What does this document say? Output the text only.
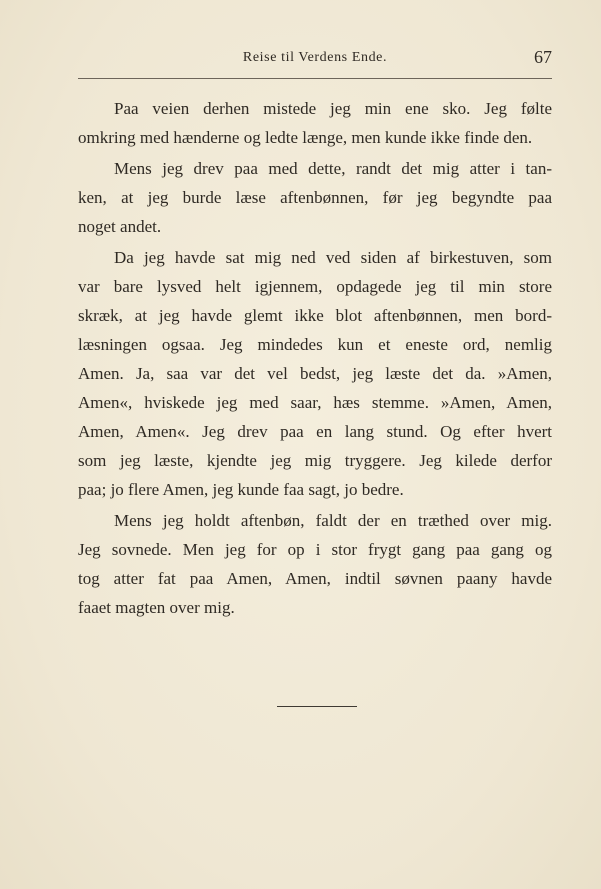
Reise til Verdens Ende.	67
Paa veien derhen mistede jeg min ene sko. Jeg følte
omkring med hænderne og ledte længe, men kunde ikke finde den.
Mens jeg drev paa med dette, randt det mig atter i tan-
ken, at jeg burde læse aftenbønnen, før jeg begyndte paa
noget andet.
Da jeg havde sat mig ned ved siden af birkestuven, som
var bare lysved helt igjennem, opdagede jeg til min store
skræk, at jeg havde glemt ikke blot aftenbønnen, men bord-
læsningen ogsaa. Jeg mindedes kun et eneste ord, nemlig
Amen. Ja, saa var det vel bedst, jeg læste det da. »Amen,
Amen«, hviskede jeg med saar, hæs stemme. »Amen, Amen,
Amen, Amen«. Jeg drev paa en lang stund. Og efter hvert
som jeg læste, kjendte jeg mig tryggere. Jeg kilede derfor
paa; jo flere Amen, jeg kunde faa sagt, jo bedre.
Mens jeg holdt aftenbøn, faldt der en træthed over mig.
Jeg sovnede. Men jeg for op i stor frygt gang paa gang og
tog atter fat paa Amen, Amen, indtil søvnen paany havde
faaet magten over mig.
